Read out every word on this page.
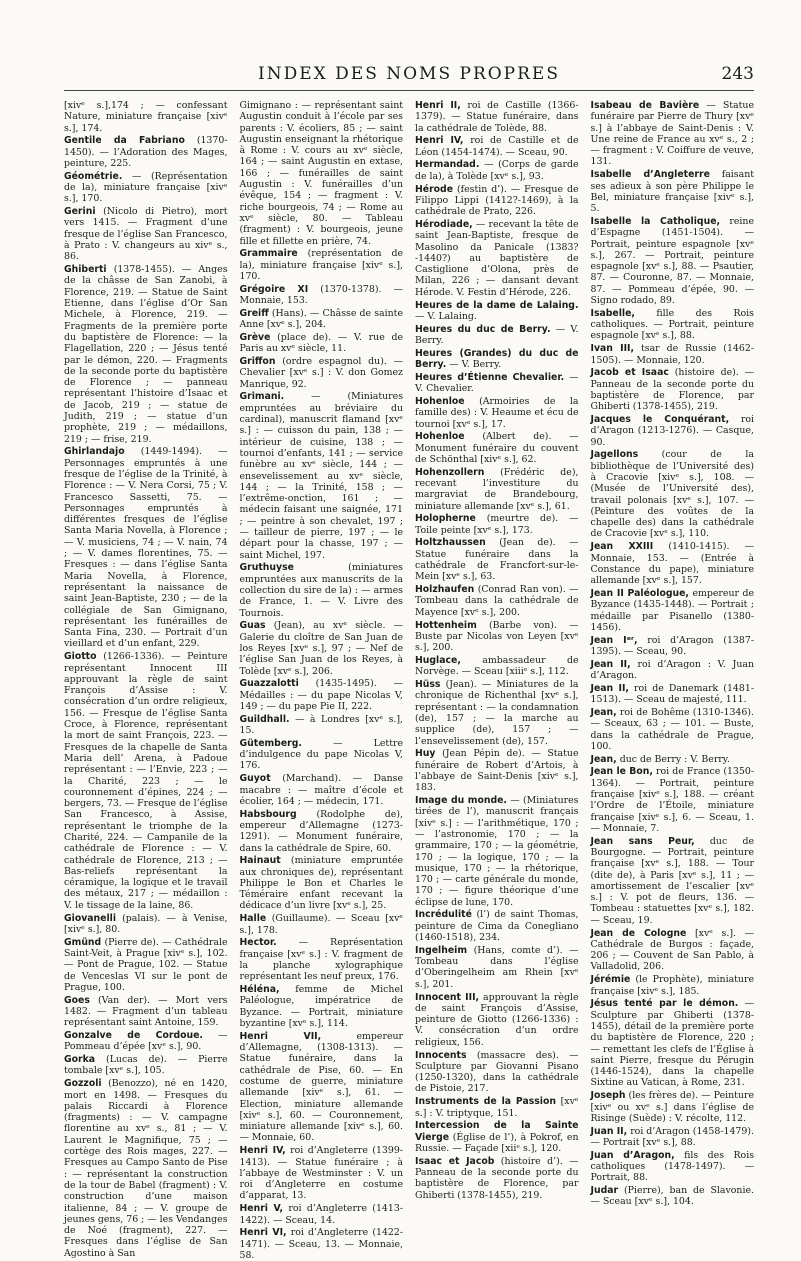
INDEX DES NOMS PROPRES	243

[xivᵉ s.],174 ; — confessant Nature, miniature française [xivᵉ s.], 174.

Gentile da Fabriano (1370-1450). — l’Adoration des Mages, peinture, 225.

Géométrie. — (Représentation de la), miniature française [xivᵉ s.], 170.

Gerini (Nicolo di Pietro), mort vers 1415. — Fragment d’une fresque de l’église San Francesco, à Prato : V. changeurs au xivᵉ s., 86.

Ghiberti (1378-1455). — Anges de la châsse de San Zanobi, à Florence, 219. — Statue de Saint Etienne, dans l’église d’Or San Michele, à Florence, 219. — Fragments de la première porte du baptistère de Florence: — la Flagellation, 220 ; — Jésus tenté par le démon, 220. — Fragments de la seconde porte du baptistère de Florence ; — panneau représentant l’histoire d’Isaac et de Jacob, 219 ; — statue de Judith, 219 ; — statue d’un prophète, 219 ; — médaillons, 219 ; — frise, 219.

Ghirlandajo (1449-1494). — Personnages empruntés à une fresque de l’église de la Trinité, à Florence : — V. Nera Corsi, 75 ; V. Francesco Sassetti, 75. — Personnages empruntés à différentes fresques de l’église Santa Maria Novella, à Florence ; — V. musiciens, 74 ; — V. nain, 74 ; — V. dames florentines, 75. — Fresques : — dans l’église Santa Maria Novella, à Florence, représentant la naissance de saint Jean-Baptiste, 230 ; — de la collégiale de San Gimignano, représentant les funérailles de Santa Fina, 230. — Portrait d’un vieillard et d’un enfant, 229.

Giotto (1266-1336). — Peinture représentant Innocent III approuvant la règle de saint François d’Assise : V. consécration d’un ordre religieux, 156. — Fresque de l’église Santa Croce, à Florence, représentant la mort de saint François, 223. — Fresques de la chapelle de Santa Maria dell’ Arena, à Padoue représentant : — l’Envie, 223 ; — la Charité, 223 ; — le couronnement d’épines, 224 ; — bergers, 73. — Fresque de l’église San Francesco, à Assise, représentant le triomphe de la Charité, 224. — Campanile de la cathédrale de Florence : — V. cathédrale de Florence, 213 ; — Bas-reliefs représentant la céramique, la logique et le travail des métaux, 217 ; — médaillon : V. le tissage de la laine, 86.

Giovanelli (palais). — à Venise, [xivᵉ s.], 80.

Gmünd (Pierre de). — Cathédrale Saint-Veit, à Prague [xivᵉ s.], 102. — Pont de Prague, 102. — Statue de Venceslas VI sur le pont de Prague, 100.

Goes (Van der). — Mort vers 1482. — Fragment d’un tableau représentant saint Antoine, 159.

Gonzalve de Cordoue. — Pommeau d’épée [xvᵉ s.], 90.

Gorka (Lucas de). — Pierre tombale [xvᵉ s.], 105.

Gozzoli (Benozzo), né en 1420, mort en 1498. — Fresques du palais Riccardi à Florence (fragments) : — V. campagne florentine au xvᵉ s., 81 ; — V. Laurent le Magnifique, 75 ; — cortège des Rois mages, 227. — Fresques au Campo Santo de Pise : — représentant la construction de la tour de Babel (fragment) : V. construction d’une maison italienne, 84 ; — V. groupe de jeunes gens, 76 ; — les Vendanges de Noé (fragment), 227. — Fresques dans l’église de San Agostino à San

Gimignano : — représentant saint Augustin conduit à l’école par ses parents : V. écoliers, 85 ; — saint Augustin enseignant la rhétorique à Rome : V. cours au xvᵉ siècle, 164 ; — saint Augustin en extase, 166 ; — funérailles de saint Augustin : V. funérailles d’un évêque, 154 ; — fragment : V. riche bourgeois, 74 ; — Rome au xvᵉ siècle, 80. — Tableau (fragment) : V. bourgeois, jeune fille et fillette en prière, 74.

Grammaire (représentation de la), miniature française [xivᵉ s.], 170.

Grégoire XI (1370-1378). — Monnaie, 153.

Greiff (Hans). — Châsse de sainte Anne [xvᵉ s.], 204.

Grève (place de). — V. rue de Paris au xvᵉ siècle, 11.

Griffon (ordre espagnol du). — Chevalier [xvᵉ s.] : V. don Gomez Manrique, 92.

Grimani.	— (Miniatures empruntées au bréviaire du cardinal), manuscrit flamand [xvᵉ s.] : — cuisson du pain, 138 ; — intérieur de cuisine, 138 ; — tournoi d’enfants, 141 ; — service funèbre au xvᵉ siècle, 144 ; — ensevelissement au xvᵉ siècle, 144 ; — la Trinité, 158 ; — l’extrême-onction, 161 ; — médecin faisant une saignée, 171 ; — peintre à son chevalet, 197 ; — tailleur de pierre, 197 ; — le départ pour la chasse, 197 ; — saint Michel, 197.

Gruthuyse	(miniatures empruntées aux manuscrits de la collection du sire de la) : — armes de France, 1. — V. Livre des Tournois.

Guas (Jean), au xvᵉ siècle. — Galerie du cloître de San Juan de los Reyes [xvᵉ s.], 97 ; — Nef de l’église San Juan de los Reyes, à Tolède [xvᵉ s.], 206.

Guazzalotti (1435-1495). — Médailles : — du pape Nicolas V, 149 ; — du pape Pie II, 222.

Guildhall. — à Londres [xvᵉ s.], 15.

Gütemberg.	— Lettre d’indulgence du pape Nicolas V, 176.

Guyot (Marchand). — Danse macabre : — maître d’école et écolier, 164 ; — médecin, 171.

Habsbourg (Rodolphe de), empereur d’Allemagne (1273-1291). — Monument funéraire, dans la cathédrale de Spire, 60.

Hainaut (miniature empruntée aux chroniques de), représentant Philippe le Bon et Charles le Téméraire enfant recevant la dédicace d’un livre [xvᵉ s.], 25.

Halle (Guillaume). — Sceau [xvᵉ s.], 178.

Hector. — Représentation française [xvᵉ s.] : V. fragment de la planche xylographique représentant les neuf preux, 176.

Héléna, femme de Michel Paléologue, impératrice de Byzance. — Portrait, miniature byzantine [xvᵉ s.], 114.

Henri VII,	empereur d’Allemagne, (1308-1313). — Statue funéraire, dans la cathédrale de Pise, 60. — En costume de guerre, miniature allemande [xivᵉ s.], 61. — Election, miniature allemande [xivᵉ s.], 60. — Couronnement, miniature allemande [xivᵉ s.], 60. — Monnaie, 60.

Henri IV, roi d’Angleterre (1399-1413). — Statue funéraire ; à l’abbaye de Westminster : V. un roi d’Angleterre en costume d’apparat, 13.

Henri V, roi d’Angleterre (1413-1422). — Sceau, 14.

Henri VI, roi d’Angleterre (1422-1471). — Sceau, 13. — Monnaie, 58.

Henri II, roi de Castille (1366-1379). — Statue funéraire, dans la cathédrale de Tolède, 88.

Henri IV, roi de Castille et de Léon (1454-1474). — Sceau, 90.

Hermandad. — (Corps de garde de la), à Tolède [xvᵉ s.], 93.

Hérode (festin d’). — Fresque de Filippo Lippi (1412?-1469), à la cathédrale de Prato, 226.

Hérodiade, — recevant la tête de saint Jean-Baptiste, fresque de Masolino da Panicale (1383?-1440?) au baptistère de Castiglione d’Olona, près de Milan, 226 ; — dansant devant Hérode. V. Festin d’Hérode, 226.

Heures de la dame de Lalaing. — V. Lalaing.

Heures du duc de Berry. — V. Berry.

Heures (Grandes) du duc de Berry. — V. Berry.

Heures d’Étienne Chevalier. — V. Chevalier.

Hohenloe (Armoiries de la famille des) : V. Heaume et écu de tournoi [xvᵉ s.], 17.

Hohenloe (Albert de). — Monument funéraire du couvent de Schönthal [xivᵉ s.], 62.

Hohenzollern (Frédéric de), recevant l’investiture du margraviat de Brandebourg, miniature allemande [xvᵉ s.], 61.

Holopherne (meurtre de). — Toile peinte [xvᵉ s.], 173.

Holtzhaussen (Jean de). — Statue funéraire dans la cathédrale de Francfort-sur-le-Mein [xvᵉ s.], 63.

Holzhaufen (Conrad Ran von). — Tombeau dans la cathédrale de Mayence [xvᵉ s.], 200.

Hottenheim (Barbe von). — Buste par Nicolas von Leyen [xvᵉ s.], 200.

Huglace, ambassadeur de Norvège. — Sceau [xiiiᵉ s.], 112.

Hüss (Jean). — Miniatures de la chronique de Richenthal [xvᵉ s.], représentant : — la condamnation (de), 157 ; — la marche au supplice (de), 157 ; — l’ensevelissement (de), 157.

Huy (Jean Pépin de). — Statue funéraire de Robert d’Artois, à l’abbaye de Saint-Denis [xivᵉ s.], 183.

Image du monde. — (Miniatures tirées de l’), manuscrit français [xivᵉ s.] : — l’arithmétique, 170 ; — l’astronomie, 170 ; — la grammaire, 170 ; — la géométrie, 170 ; — la logique, 170 ; — la musique, 170 ; — la rhétorique, 170 ; — carte générale du monde, 170 ; — figure théorique d’une éclipse de lune, 170.

Incrédulité (l’) de saint Thomas, peinture de Cima da Conegliano (1460-1518), 234.

Ingelheim (Hans, comte d’). — Tombeau dans l’église d’Oberingelheim am Rhein [xvᵉ s.], 201.

Innocent III, approuvant la règle de saint François d’Assise, peinture de Giotto (1266-1336) : V. consécration d’un ordre religieux, 156.

Innocents (massacre des). — Sculpture par Giovanni Pisano (1250-1320), dans la cathédrale de Pistoie, 217.

Instruments de la Passion [xvᵉ s.] : V. triptyque, 151.

Intercession de la Sainte Vierge (Église de l’), à Pokrof, en Russie. — Façade [xiiᵉ s.], 120.

Isaac et Jacob (histoire d’). — Panneau de la seconde porte du baptistère de Florence, par Ghiberti (1378-1455), 219.

Isabeau de Bavière — Statue funéraire par Pierre de Thury [xvᵉ s.] à l’abbaye de Saint-Denis : V. Une reine de France au xvᵉ s., 2 ; — fragment : V. Coiffure de veuve, 131.

Isabelle d’Angleterre faisant ses adieux à son père Philippe le Bel, miniature française [xivᵉ s.], 5.

Isabelle la Catholique, reine d’Espagne (1451-1504). — Portrait, peinture espagnole [xvᵉ s.], 267. — Portrait, peinture espagnole [xvᵉ s.], 88. — Psautier, 87. — Couronne, 87. — Monnaie, 87. — Pommeau d’épée, 90. — Signo rodado, 89.

Isabelle, fille des Rois catholiques. — Portrait, peinture espagnole [xvᵉ s.], 88.

Ivan III, tsar de Russie (1462-1505). — Monnaie, 120.

Jacob et Isaac (histoire de). — Panneau de la seconde porte du baptistère de Florence, par Ghiberti (1378-1455), 219.

Jacques le Conquérant, roi d’Aragon (1213-1276). — Casque, 90.

Jagellons	(cour de la bibliothèque de l’Université des) à Cracovie [xivᵉ s.], 108. — (Musée de l’Université des), travail polonais [xvᵉ s.], 107. — (Peinture des voûtes de la chapelle des) dans la cathédrale de Cracovie [xvᵉ s.], 110.

Jean XXIII (1410-1415). — Monnaie, 153. — (Entrée à Constance du pape), miniature allemande [xvᵉ s.], 157.

Jean II Paléologue, empereur de Byzance (1435-1448). — Portrait ; médaille par Pisanello (1380-1456).

Jean Iᵉʳ, roi d’Aragon (1387-1395). — Sceau, 90.

Jean II, roi d’Aragon : V. Juan d’Aragon.

Jean II, roi de Danemark (1481-1513). — Sceau de majesté, 111.

Jean, roi de Bohême (1310-1346). — Sceaux, 63 ; — 101. — Buste, dans la cathédrale de Prague, 100.

Jean, duc de Berry : V. Berry.

Jean le Bon, roi de France (1350-1364). — Portrait, peinture française [xivᵉ s.], 188. — créant l’Ordre de l’Étoile, miniature française [xivᵉ s.], 6. — Sceau, 1. — Monnaie, 7.

Jean sans Peur, duc de Bourgogne. — Portrait, peinture française [xvᵉ s.], 188. — Tour (dite de), à Paris [xvᵉ s.], 11 ; — amortissement de l’escalier [xvᵉ s.] : V. pot de fleurs, 136. — Tombeau : statuettes [xvᵉ s.], 182. — Sceau, 19.

Jean de Cologne [xvᵉ s.]. — Cathédrale de Burgos : façade, 206 ; — Couvent de San Pablo, à Valladolid, 206.

Jérémie (le Prophète), miniature française [xivᵉ s.], 185.

Jésus tenté par le démon. — Sculpture par Ghiberti (1378-1455), détail de la première porte du baptistère de Florence, 220 ; — remettant les clefs de l’Église à saint Pierre, fresque du Pérugin (1446-1524), dans la chapelle Sixtine au Vatican, à Rome, 231.

Joseph (les frères de). — Peinture [xivᵉ ou xvᵉ s.] dans l’église de Risinge (Suède) : V. récolte, 112.

Juan II, roi d’Aragon (1458-1479). — Portrait [xvᵉ s.], 88.

Juan d’Aragon, fils des Rois catholiques (1478-1497). — Portrait, 88.

Judar (Pierre), ban de Slavonie. — Sceau [xvᵉ s.], 104.
